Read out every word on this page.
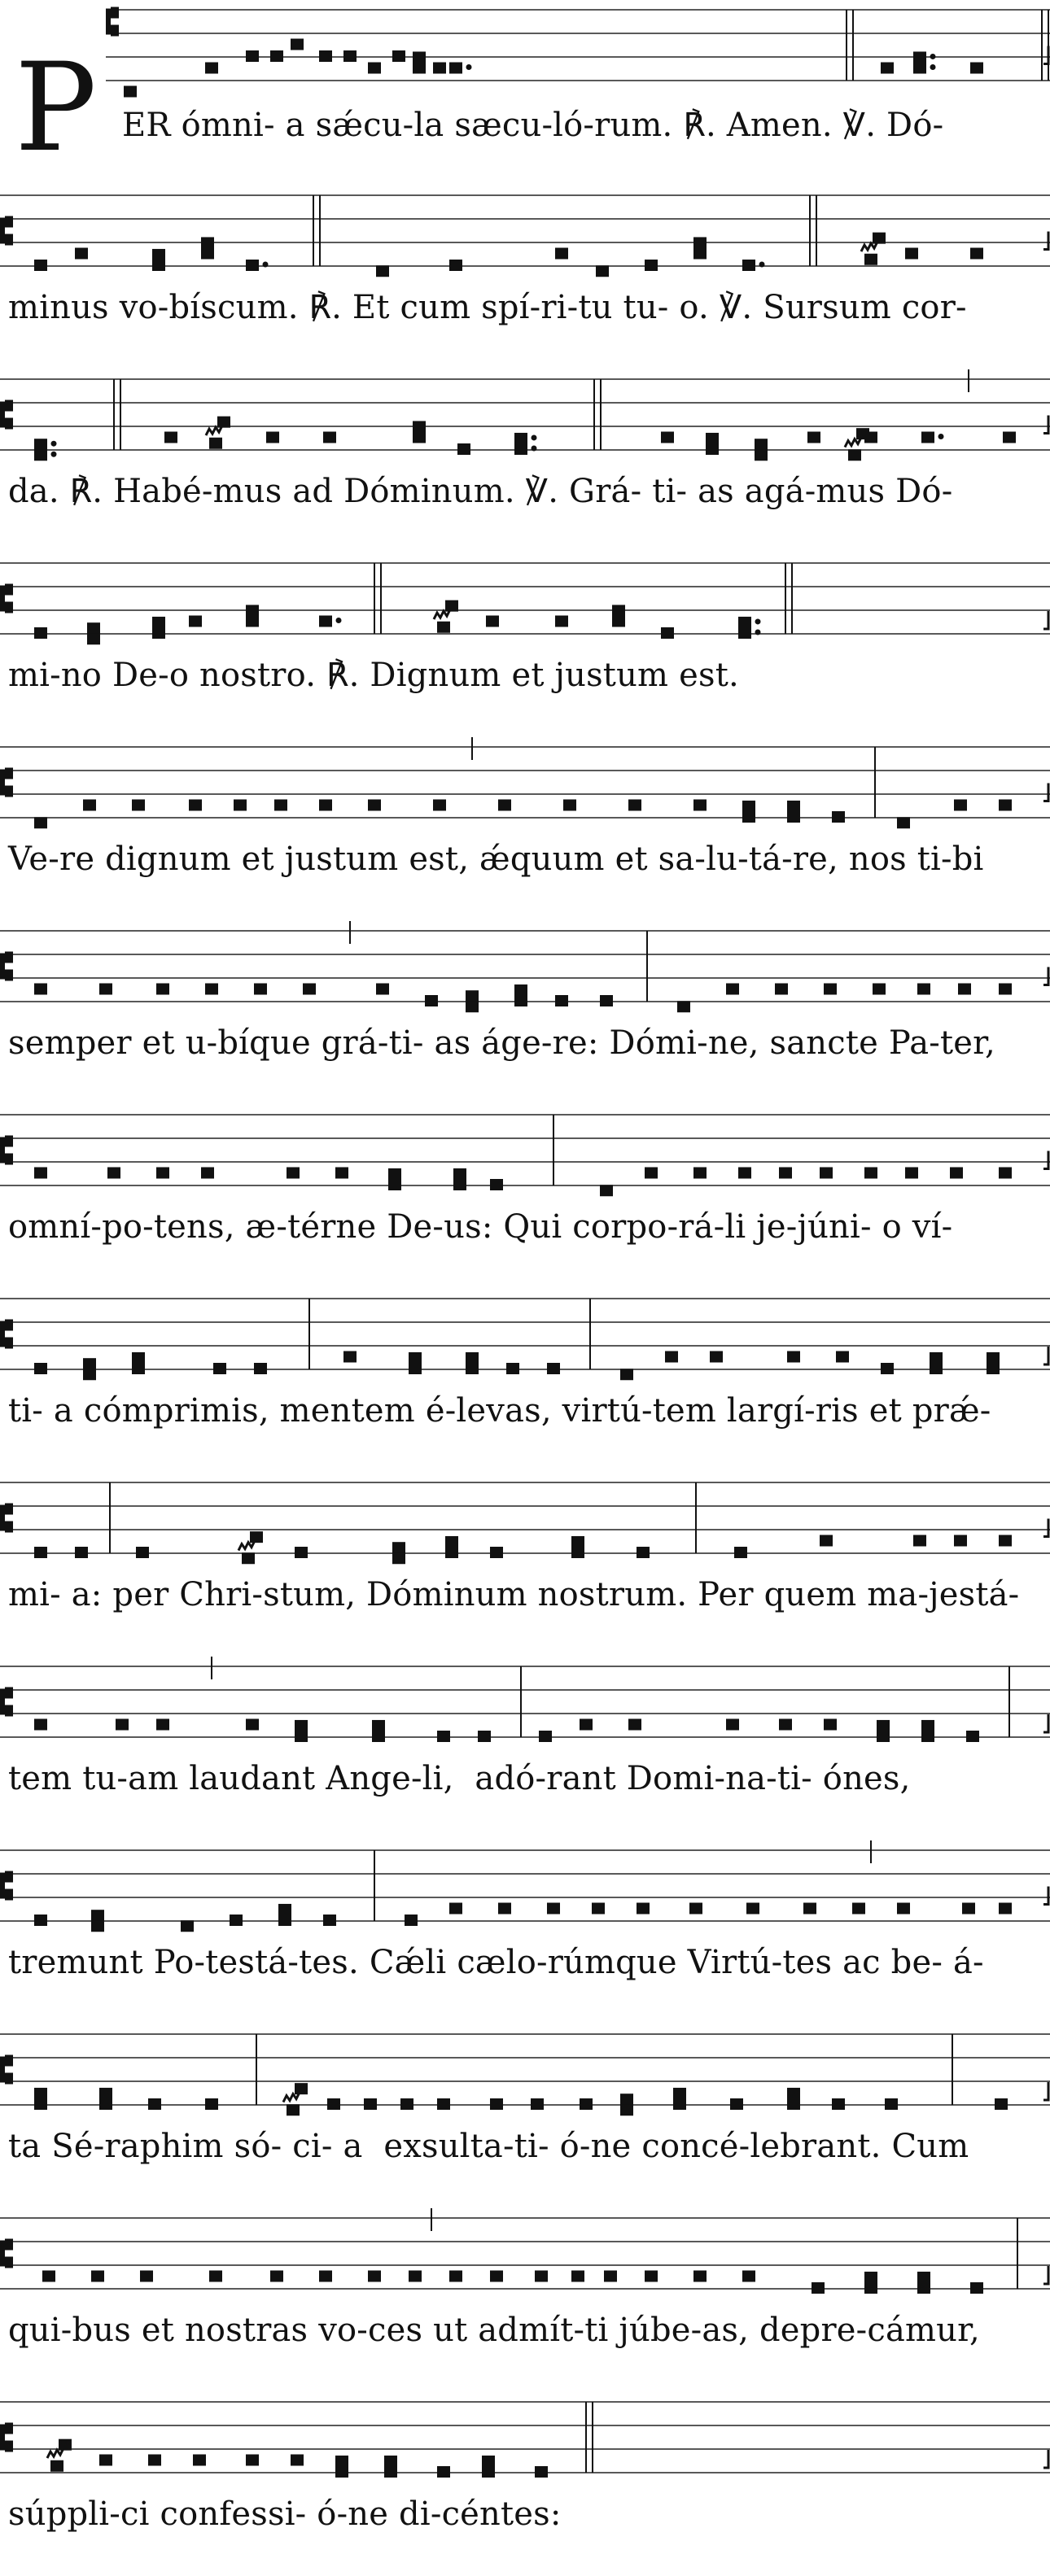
P ER ómni- a sǽcu-la sæcu-ló-rum. ℟. Amen. ℣. Dó-
minus vo-bíscum. ℟. Et cum spí-ri-tu tu- o. ℣. Sursum cor-
da. ℟. Habé-mus ad Dóminum. ℣. Grá- ti- as agá-mus Dó-
mi-no De-o nostro. ℟. Dignum et justum est.
Ve-re dignum et justum est, ǽquum et sa-lu-tá-re, nos ti-bi
semper et u-bíque grá-ti- as áge-re: Dómi-ne, sancte Pa-ter,
omní-po-tens, æ-térne De-us: Qui corpo-rá-li je-júni- o ví-
ti- a cómprimis, mentem é-levas, virtú-tem largí-ris et prǽ-
mi- a: per Chri-stum, Dóminum nostrum. Per quem ma-jestá-
tem tu-am laudant Ange-li,  adó-rant Domi-na-ti- ónes,
tremunt Po-testá-tes. Cǽli cælo-rúmque Virtú-tes ac be- á-
ta Sé-raphim só- ci- a  exsulta-ti- ó-ne concé-lebrant. Cum
qui-bus et nostras vo-ces ut admít-ti júbe-as, depre-cámur,
súppli-ci confessi- ó-ne di-céntes:
